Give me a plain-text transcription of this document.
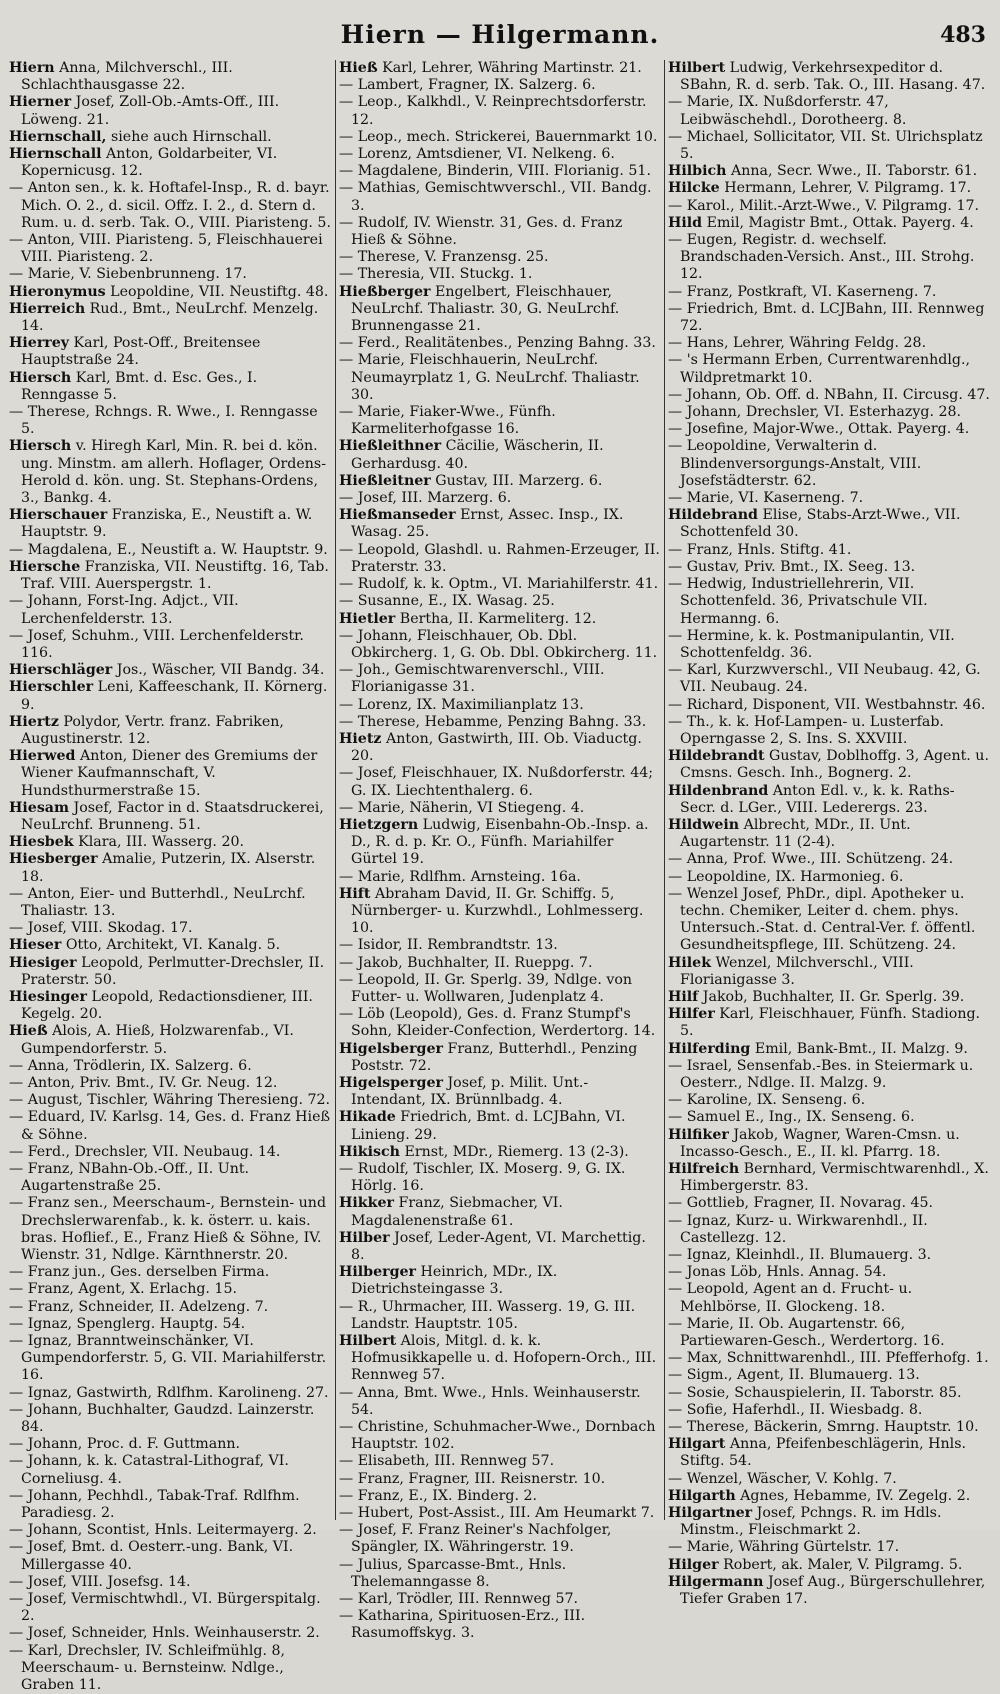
Hiern — Hilgermann.	483

Hiern Anna, Milchverschl., III. Schlachthausgasse 22.

Hierner Josef, Zoll-Ob.-Amts-Off., III. Löweng. 21.

Hiernschall, siehe auch Hirnschall.

Hiernschall Anton, Goldarbeiter, VI. Kopernicusg. 12.

— Anton sen., k. k. Hoftafel-Insp., R. d. bayr. Mich. O. 2., d. sicil. Offz. I. 2., d. Stern d. Rum. u. d. serb. Tak. O., VIII. Piaristeng. 5.

— Anton, VIII. Piaristeng. 5, Fleischhauerei VIII. Piaristeng. 2.

— Marie, V. Siebenbrunneng. 17.

Hieronymus Leopoldine, VII. Neustiftg. 48.

Hierreich Rud., Bmt., NeuLrchf. Menzelg. 14.

Hierrey Karl, Post-Off., Breitensee Hauptstraße 24.

Hiersch Karl, Bmt. d. Esc. Ges., I. Renngasse 5.

— Therese, Rchngs. R. Wwe., I. Renngasse 5.

Hiersch v. Hiregh Karl, Min. R. bei d. kön. ung. Minstm. am allerh. Hoflager, Ordens-Herold d. kön. ung. St. Stephans-Ordens, 3., Bankg. 4.

Hierschauer Franziska, E., Neustift a. W. Hauptstr. 9.

— Magdalena, E., Neustift a. W. Hauptstr. 9.

Hiersche Franziska, VII. Neustiftg. 16, Tab. Traf. VIII. Auerspergstr. 1.

— Johann, Forst-Ing. Adjct., VII. Lerchenfelderstr. 13.

— Josef, Schuhm., VIII. Lerchenfelderstr. 116.

Hierschläger Jos., Wäscher, VII Bandg. 34.

Hierschler Leni, Kaffeeschank, II. Körnerg. 9.

Hiertz Polydor, Vertr. franz. Fabriken, Augustinerstr. 12.

Hierwed Anton, Diener des Gremiums der Wiener Kaufmannschaft, V. Hundsthurmerstraße 15.

Hiesam Josef, Factor in d. Staatsdruckerei, NeuLrchf. Brunneng. 51.

Hiesbek Klara, III. Wasserg. 20.

Hiesberger Amalie, Putzerin, IX. Alserstr. 18.

— Anton, Eier- und Butterhdl., NeuLrchf. Thaliastr. 13.

— Josef, VIII. Skodag. 17.

Hieser Otto, Architekt, VI. Kanalg. 5.

Hiesiger Leopold, Perlmutter-Drechsler, II. Praterstr. 50.

Hiesinger Leopold, Redactionsdiener, III. Kegelg. 20.

Hieß Alois, A. Hieß, Holzwarenfab., VI. Gumpendorferstr. 5.

— Anna, Trödlerin, IX. Salzerg. 6.

— Anton, Priv. Bmt., IV. Gr. Neug. 12.

— August, Tischler, Währing Theresieng. 72.

— Eduard, IV. Karlsg. 14, Ges. d. Franz Hieß & Söhne.

— Ferd., Drechsler, VII. Neubaug. 14.

— Franz, NBahn-Ob.-Off., II. Unt. Augartenstraße 25.

— Franz sen., Meerschaum-, Bernstein- und Drechslerwarenfab., k. k. österr. u. kais. bras. Hoflief., E., Franz Hieß & Söhne, IV. Wienstr. 31, Ndlge. Kärnthnerstr. 20.

— Franz jun., Ges. derselben Firma.

— Franz, Agent, X. Erlachg. 15.

— Franz, Schneider, II. Adelzeng. 7.

— Ignaz, Spenglerg. Hauptg. 54.

— Ignaz, Branntweinschänker, VI. Gumpendorferstr. 5, G. VII. Mariahilferstr. 16.

— Ignaz, Gastwirth, Rdlfhm. Karolineng. 27.

— Johann, Buchhalter, Gaudzd. Lainzerstr. 84.

— Johann, Proc. d. F. Guttmann.

— Johann, k. k. Catastral-Lithograf, VI. Corneliusg. 4.

— Johann, Pechhdl., Tabak-Traf. Rdlfhm. Paradiesg. 2.

— Johann, Scontist, Hnls. Leitermayerg. 2.

— Josef, Bmt. d. Oesterr.-ung. Bank, VI. Millergasse 40.

— Josef, VIII. Josefsg. 14.

— Josef, Vermischtwhdl., VI. Bürgerspitalg. 2.

— Josef, Schneider, Hnls. Weinhauserstr. 2.

— Karl, Drechsler, IV. Schleifmühlg. 8, Meerschaum- u. Bernsteinw. Ndlge., Graben 11.

Hieß Karl, Lehrer, Währing Martinstr. 21.

— Lambert, Fragner, IX. Salzerg. 6.

— Leop., Kalkhdl., V. Reinprechtsdorferstr. 12.

— Leop., mech. Strickerei, Bauernmarkt 10.

— Lorenz, Amtsdiener, VI. Nelkeng. 6.

— Magdalene, Binderin, VIII. Florianig. 51.

— Mathias, Gemischtwverschl., VII. Bandg. 3.

— Rudolf, IV. Wienstr. 31, Ges. d. Franz Hieß & Söhne.

— Therese, V. Franzensg. 25.

— Theresia, VII. Stuckg. 1.

Hießberger Engelbert, Fleischhauer, NeuLrchf. Thaliastr. 30, G. NeuLrchf. Brunnengasse 21.

— Ferd., Realitätenbes., Penzing Bahng. 33.

— Marie, Fleischhauerin, NeuLrchf. Neumayrplatz 1, G. NeuLrchf. Thaliastr. 30.

— Marie, Fiaker-Wwe., Fünfh. Karmeliterhofgasse 16.

Hießleithner Cäcilie, Wäscherin, II. Gerhardusg. 40.

Hießleitner Gustav, III. Marzerg. 6.

— Josef, III. Marzerg. 6.

Hießmanseder Ernst, Assec. Insp., IX. Wasag. 25.

— Leopold, Glashdl. u. Rahmen-Erzeuger, II. Praterstr. 33.

— Rudolf, k. k. Optm., VI. Mariahilferstr. 41.

— Susanne, E., IX. Wasag. 25.

Hietler Bertha, II. Karmeliterg. 12.

— Johann, Fleischhauer, Ob. Dbl. Obkircherg. 1, G. Ob. Dbl. Obkircherg. 11.

— Joh., Gemischtwarenverschl., VIII. Florianigasse 31.

— Lorenz, IX. Maximilianplatz 13.

— Therese, Hebamme, Penzing Bahng. 33.

Hietz Anton, Gastwirth, III. Ob. Viaductg. 20.

— Josef, Fleischhauer, IX. Nußdorferstr. 44; G. IX. Liechtenthalerg. 6.

— Marie, Näherin, VI Stiegeng. 4.

Hietzgern Ludwig, Eisenbahn-Ob.-Insp. a. D., R. d. p. Kr. O., Fünfh. Mariahilfer Gürtel 19.

— Marie, Rdlfhm. Arnsteing. 16a.

Hift Abraham David, II. Gr. Schiffg. 5, Nürnberger- u. Kurzwhdl., Lohlmesserg. 10.

— Isidor, II. Rembrandtstr. 13.

— Jakob, Buchhalter, II. Rueppg. 7.

— Leopold, II. Gr. Sperlg. 39, Ndlge. von Futter- u. Wollwaren, Judenplatz 4.

— Löb (Leopold), Ges. d. Franz Stumpf's Sohn, Kleider-Confection, Werdertorg. 14.

Higelsberger Franz, Butterhdl., Penzing Poststr. 72.

Higelsperger Josef, p. Milit. Unt.-Intendant, IX. Brünnlbadg. 4.

Hikade Friedrich, Bmt. d. LCJBahn, VI. Linieng. 29.

Hikisch Ernst, MDr., Riemerg. 13 (2-3).

— Rudolf, Tischler, IX. Moserg. 9, G. IX. Hörlg. 16.

Hikker Franz, Siebmacher, VI. Magdalenenstraße 61.

Hilber Josef, Leder-Agent, VI. Marchettig. 8.

Hilberger Heinrich, MDr., IX. Dietrichsteingasse 3.

— R., Uhrmacher, III. Wasserg. 19, G. III. Landstr. Hauptstr. 105.

Hilbert Alois, Mitgl. d. k. k. Hofmusikkapelle u. d. Hofopern-Orch., III. Rennweg 57.

— Anna, Bmt. Wwe., Hnls. Weinhauserstr. 54.

— Christine, Schuhmacher-Wwe., Dornbach Hauptstr. 102.

— Elisabeth, III. Rennweg 57.

— Franz, Fragner, III. Reisnerstr. 10.

— Franz, E., IX. Binderg. 2.

— Hubert, Post-Assist., III. Am Heumarkt 7.

— Josef, F. Franz Reiner's Nachfolger, Spängler, IX. Währingerstr. 19.

— Julius, Sparcasse-Bmt., Hnls. Thelemanngasse 8.

— Karl, Trödler, III. Rennweg 57.

— Katharina, Spirituosen-Erz., III. Rasumoffskyg. 3.

Hilbert Ludwig, Verkehrsexpeditor d. SBahn, R. d. serb. Tak. O., III. Hasang. 47.

— Marie, IX. Nußdorferstr. 47, Leibwäschehdl., Dorotheerg. 8.

— Michael, Sollicitator, VII. St. Ulrichsplatz 5.

Hilbich Anna, Secr. Wwe., II. Taborstr. 61.

Hilcke Hermann, Lehrer, V. Pilgramg. 17.

— Karol., Milit.-Arzt-Wwe., V. Pilgramg. 17.

Hild Emil, Magistr Bmt., Ottak. Payerg. 4.

— Eugen, Registr. d. wechself. Brandschaden-Versich. Anst., III. Strohg. 12.

— Franz, Postkraft, VI. Kaserneng. 7.

— Friedrich, Bmt. d. LCJBahn, III. Rennweg 72.

— Hans, Lehrer, Währing Feldg. 28.

— 's Hermann Erben, Currentwarenhdlg., Wildpretmarkt 10.

— Johann, Ob. Off. d. NBahn, II. Circusg. 47.

— Johann, Drechsler, VI. Esterhazyg. 28.

— Josefine, Major-Wwe., Ottak. Payerg. 4.

— Leopoldine, Verwalterin d. Blindenversorgungs-Anstalt, VIII. Josefstädterstr. 62.

— Marie, VI. Kaserneng. 7.

Hildebrand Elise, Stabs-Arzt-Wwe., VII. Schottenfeld 30.

— Franz, Hnls. Stiftg. 41.

— Gustav, Priv. Bmt., IX. Seeg. 13.

— Hedwig, Industriellehrerin, VII. Schottenfeld. 36, Privatschule VII. Hermanng. 6.

— Hermine, k. k. Postmanipulantin, VII. Schottenfeldg. 36.

— Karl, Kurzwverschl., VII Neubaug. 42, G. VII. Neubaug. 24.

— Richard, Disponent, VII. Westbahnstr. 46.

— Th., k. k. Hof-Lampen- u. Lusterfab. Operngasse 2, S. Ins. S. XXVIII.

Hildebrandt Gustav, Doblhoffg. 3, Agent. u. Cmsns. Gesch. Inh., Bognerg. 2.

Hildenbrand Anton Edl. v., k. k. Raths-Secr. d. LGer., VIII. Lederergs. 23.

Hildwein Albrecht, MDr., II. Unt. Augartenstr. 11 (2-4).

— Anna, Prof. Wwe., III. Schützeng. 24.

— Leopoldine, IX. Harmonieg. 6.

— Wenzel Josef, PhDr., dipl. Apotheker u. techn. Chemiker, Leiter d. chem. phys. Untersuch.-Stat. d. Central-Ver. f. öffentl. Gesundheitspflege, III. Schützeng. 24.

Hilek Wenzel, Milchverschl., VIII. Florianigasse 3.

Hilf Jakob, Buchhalter, II. Gr. Sperlg. 39.

Hilfer Karl, Fleischhauer, Fünfh. Stadiong. 5.

Hilferding Emil, Bank-Bmt., II. Malzg. 9.

— Israel, Sensenfab.-Bes. in Steiermark u. Oesterr., Ndlge. II. Malzg. 9.

— Karoline, IX. Senseng. 6.

— Samuel E., Ing., IX. Senseng. 6.

Hilfiker Jakob, Wagner, Waren-Cmsn. u. Incasso-Gesch., E., II. kl. Pfarrg. 18.

Hilfreich Bernhard, Vermischtwarenhdl., X. Himbergerstr. 83.

— Gottlieb, Fragner, II. Novarag. 45.

— Ignaz, Kurz- u. Wirkwarenhdl., II. Castellezg. 12.

— Ignaz, Kleinhdl., II. Blumauerg. 3.

— Jonas Löb, Hnls. Annag. 54.

— Leopold, Agent an d. Frucht- u. Mehlbörse, II. Glockeng. 18.

— Marie, II. Ob. Augartenstr. 66, Partiewaren-Gesch., Werdertorg. 16.

— Max, Schnittwarenhdl., III. Pfefferhofg. 1.

— Sigm., Agent, II. Blumauerg. 13.

— Sosie, Schauspielerin, II. Taborstr. 85.

— Sofie, Haferhdl., II. Wiesbadg. 8.

— Therese, Bäckerin, Smrng. Hauptstr. 10.

Hilgart Anna, Pfeifenbeschlägerin, Hnls. Stiftg. 54.

— Wenzel, Wäscher, V. Kohlg. 7.

Hilgarth Agnes, Hebamme, IV. Zegelg. 2.

Hilgartner Josef, Pchngs. R. im Hdls. Minstm., Fleischmarkt 2.

— Marie, Währing Gürtelstr. 17.

Hilger Robert, ak. Maler, V. Pilgramg. 5.

Hilgermann Josef Aug., Bürgerschullehrer, Tiefer Graben 17.
